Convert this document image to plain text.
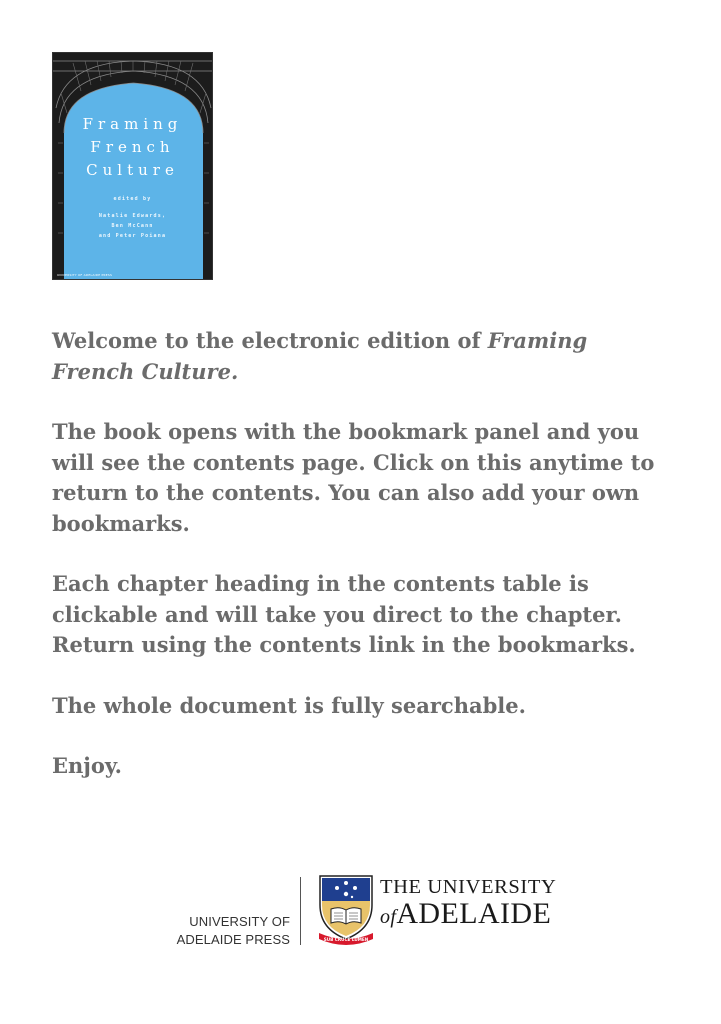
Framing
French
Culture
edited by
Natalie Edwards,
Ben McCann
and Peter Poiana
UNIVERSITY OF ADELAIDE PRESS

Welcome to the electronic edition of Framing French Culture.

The book opens with the bookmark panel and you will see the contents page. Click on this anytime to return to the contents. You can also add your own bookmarks.

Each chapter heading in the contents table is clickable and will take you direct to the chapter. Return using the contents link in the bookmarks.

The whole document is fully searchable.

Enjoy.

UNIVERSITY OF
ADELAIDE PRESS	SUB CRUCE LUMEN
THE UNIVERSITY
ofADELAIDE
